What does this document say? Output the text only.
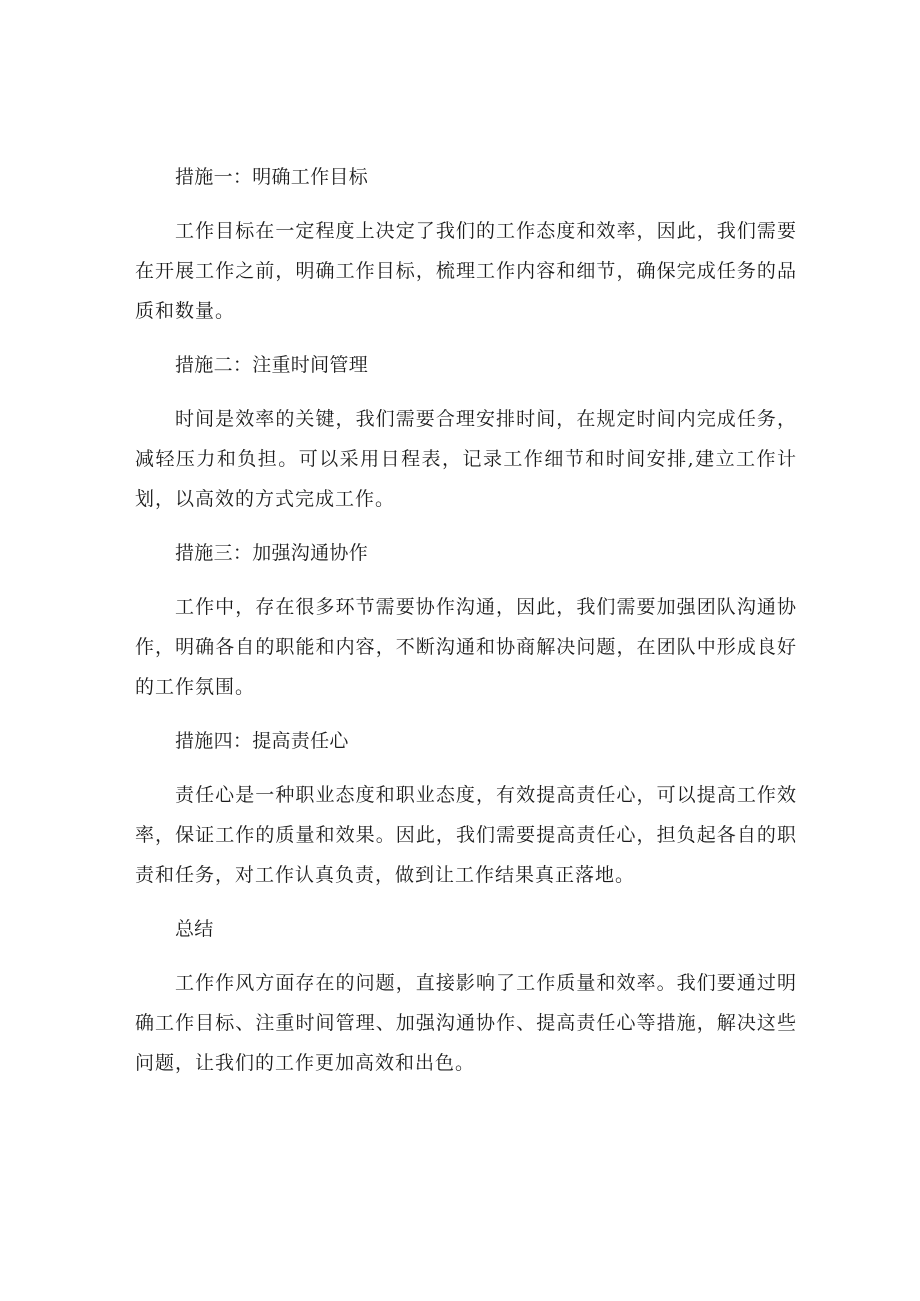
措施一：明确工作目标

工作目标在一定程度上决定了我们的工作态度和效率，因此，我们需要在开展工作之前，明确工作目标，梳理工作内容和细节，确保完成任务的品质和数量。

措施二：注重时间管理

时间是效率的关键，我们需要合理安排时间，在规定时间内完成任务，减轻压力和负担。可以采用日程表，记录工作细节和时间安排,建立工作计划，以高效的方式完成工作。

措施三：加强沟通协作

工作中，存在很多环节需要协作沟通，因此，我们需要加强团队沟通协作，明确各自的职能和内容，不断沟通和协商解决问题，在团队中形成良好的工作氛围。

措施四：提高责任心

责任心是一种职业态度和职业态度，有效提高责任心，可以提高工作效率，保证工作的质量和效果。因此，我们需要提高责任心，担负起各自的职责和任务，对工作认真负责，做到让工作结果真正落地。

总结

工作作风方面存在的问题，直接影响了工作质量和效率。我们要通过明确工作目标、注重时间管理、加强沟通协作、提高责任心等措施，解决这些问题，让我们的工作更加高效和出色。
